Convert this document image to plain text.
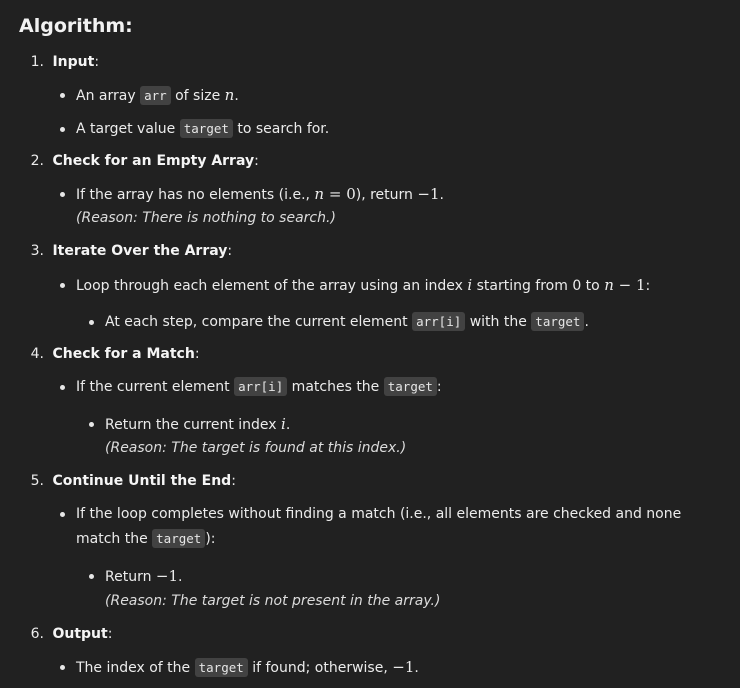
Algorithm:
1. Input:
An array arr of size n.
A target value target to search for.
2. Check for an Empty Array:
If the array has no elements (i.e., n = 0), return −1.
(Reason: There is nothing to search.)
3. Iterate Over the Array:
Loop through each element of the array using an index i starting from 0 to n − 1:
At each step, compare the current element arr[i] with the target .
4. Check for a Match:
If the current element arr[i] matches the target :
Return the current index i.
(Reason: The target is found at this index.)
5. Continue Until the End:
If the loop completes without finding a match (i.e., all elements are checked and none
match the target ):
Return −1.
(Reason: The target is not present in the array.)
6. Output:
The index of the target if found; otherwise, −1.
